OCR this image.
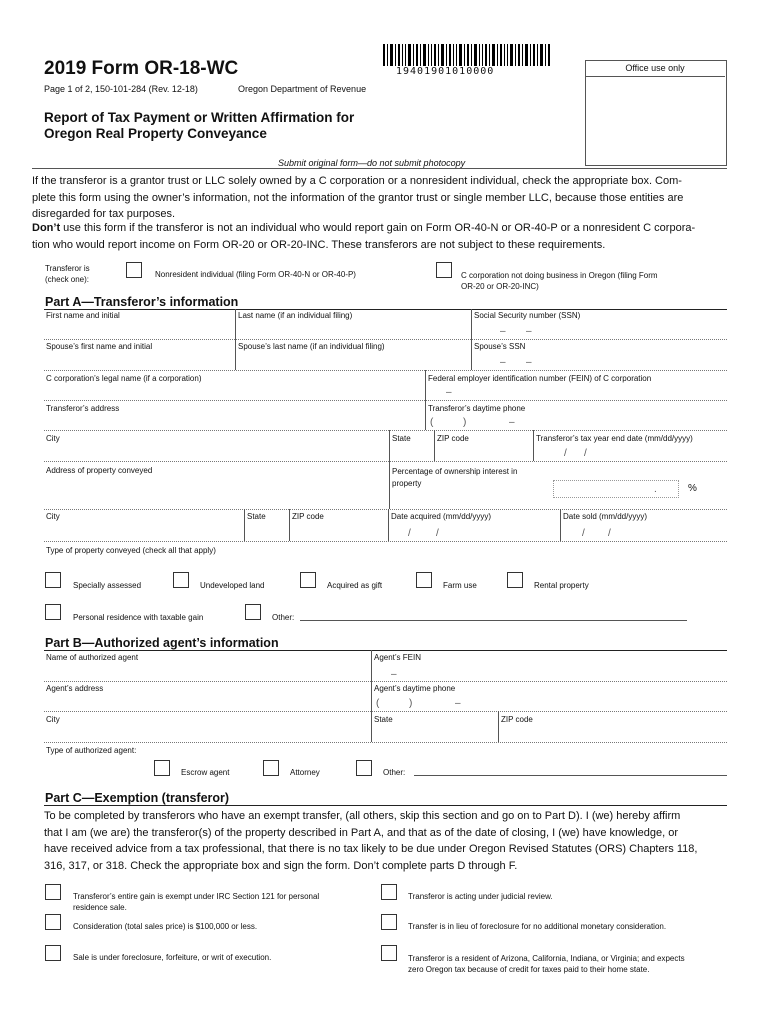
2019 Form OR-18-WC
Page 1 of 2, 150-101-284 (Rev. 12-18)	Oregon Department of Revenue
19401901010000	Office use only
Report of Tax Payment or Written Affirmation for
Oregon Real Property Conveyance
Submit original form—do not submit photocopy
If the transferor is a grantor trust or LLC solely owned by a C corporation or a nonresident individual, check the appropriate box. Com-
plete this form using the owner’s information, not the information of the grantor trust or single member LLC, because those entities are
disregarded for tax purposes.
Don’t use this form if the transferor is not an individual who would report gain on Form OR-40-N or OR-40-P or a nonresident C corpora-
tion who would report income on Form OR-20 or OR-20-INC. These transferors are not subject to these requirements.
Transferor is
(check one):
Nonresident individual (filing Form OR-40-N or OR-40-P)	C corporation not doing business in Oregon (filing Form
OR-20 or OR-20-INC)
Part A—Transferor’s information
First name and initial	Last name (if an individual filing)	Social Security number (SSN)
– –
Spouse’s first name and initial	Spouse’s last name (if an individual filing)	Spouse’s SSN
– –
C corporation’s legal name (if a corporation)	Federal employer identification number (FEIN) of C corporation
–
Transferor’s address	Transferor’s daytime phone
(	)	–
City	State	ZIP code	Transferor’s tax year end date (mm/dd/yyyy)
/ /
Address of property conveyed	Percentage of ownership interest in
property
.	%
City	State	ZIP code	Date acquired (mm/dd/yyyy)	Date sold (mm/dd/yyyy)
/	/	/ /
Type of property conveyed (check all that apply)
Specially assessed	Undeveloped land	Acquired as gift	Farm use	Rental property
Personal residence with taxable gain	Other:
Part B—Authorized agent’s information
Name of authorized agent	Agent’s FEIN
–
Agent’s address	Agent’s daytime phone
(	)	–
City	State	ZIP code
Type of authorized agent:
Escrow agent	Attorney	Other:
Part C—Exemption (transferor)
To be completed by transferors who have an exempt transfer, (all others, skip this section and go on to Part D). I (we) hereby affirm
that I am (we are) the transferor(s) of the property described in Part A, and that as of the date of closing, I (we) have knowledge, or
have received advice from a tax professional, that there is no tax likely to be due under Oregon Revised Statutes (ORS) Chapters 118,
316, 317, or 318. Check the appropriate box and sign the form. Don’t complete parts D through F.
Transferor’s entire gain is exempt under IRC Section 121 for personal
residence sale.
Transferor is acting under judicial review.
Consideration (total sales price) is $100,000 or less.	Transfer is in lieu of foreclosure for no additional monetary consideration.
Sale is under foreclosure, forfeiture, or writ of execution.	Transferor is a resident of Arizona, California, Indiana, or Virginia; and expects
zero Oregon tax because of credit for taxes paid to their home state.
